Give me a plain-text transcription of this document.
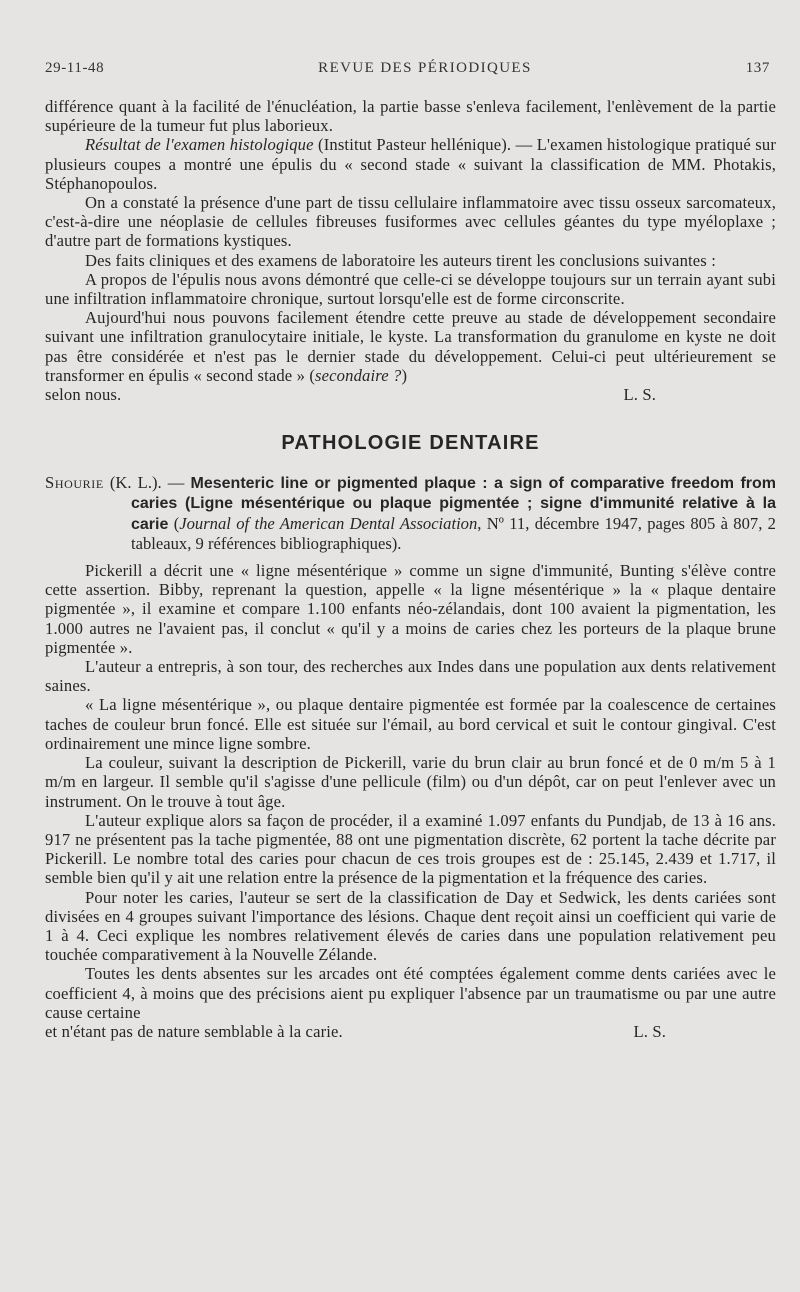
29-11-48	REVUE DES PÉRIODIQUES	137

différence quant à la facilité de l'énucléation, la partie basse s'enleva facilement, l'enlèvement de la partie supérieure de la tumeur fut plus laborieux.

Résultat de l'examen histologique (Institut Pasteur hellénique). — L'examen histologique pratiqué sur plusieurs coupes a montré une épulis du « second stade « suivant la classification de MM. Photakis, Stéphanopoulos.

On a constaté la présence d'une part de tissu cellulaire inflammatoire avec tissu osseux sarcomateux, c'est-à-dire une néoplasie de cellules fibreuses fusiformes avec cellules géantes du type myéloplaxe ; d'autre part de formations kystiques.

Des faits cliniques et des examens de laboratoire les auteurs tirent les conclusions suivantes :

A propos de l'épulis nous avons démontré que celle-ci se développe toujours sur un terrain ayant subi une infiltration inflammatoire chronique, surtout lorsqu'elle est de forme circonscrite.

Aujourd'hui nous pouvons facilement étendre cette preuve au stade de développement secondaire suivant une infiltration granulocytaire initiale, le kyste. La transformation du granulome en kyste ne doit pas être considérée et n'est pas le dernier stade du développement. Celui-ci peut ultérieurement se transformer en épulis « second stade » (secondaire ?)

selon nous.	L. S.

PATHOLOGIE DENTAIRE
Shourie (K. L.). — Mesenteric line or pigmented plaque : a sign of comparative freedom from caries (Ligne mésentérique ou plaque pigmentée ; signe d'immunité relative à la carie (Journal of the American Dental Association, Nº 11, décembre 1947, pages 805 à 807, 2 tableaux, 9 références bibliographiques).

Pickerill a décrit une « ligne mésentérique » comme un signe d'immunité, Bunting s'élève contre cette assertion. Bibby, reprenant la question, appelle « la ligne mésentérique » la « plaque dentaire pigmentée », il examine et compare 1.100 enfants néo-zélandais, dont 100 avaient la pigmentation, les 1.000 autres ne l'avaient pas, il conclut « qu'il y a moins de caries chez les porteurs de la plaque brune pigmentée ».

L'auteur a entrepris, à son tour, des recherches aux Indes dans une population aux dents relativement saines.

« La ligne mésentérique », ou plaque dentaire pigmentée est formée par la coalescence de certaines taches de couleur brun foncé. Elle est située sur l'émail, au bord cervical et suit le contour gingival. C'est ordinairement une mince ligne sombre.

La couleur, suivant la description de Pickerill, varie du brun clair au brun foncé et de 0 m/m 5 à 1 m/m en largeur. Il semble qu'il s'agisse d'une pellicule (film) ou d'un dépôt, car on peut l'enlever avec un instrument. On le trouve à tout âge.

L'auteur explique alors sa façon de procéder, il a examiné 1.097 enfants du Pundjab, de 13 à 16 ans. 917 ne présentent pas la tache pigmentée, 88 ont une pigmentation discrète, 62 portent la tache décrite par Pickerill. Le nombre total des caries pour chacun de ces trois groupes est de : 25.145, 2.439 et 1.717, il semble bien qu'il y ait une relation entre la présence de la pigmentation et la fréquence des caries.

Pour noter les caries, l'auteur se sert de la classification de Day et Sedwick, les dents cariées sont divisées en 4 groupes suivant l'importance des lésions. Chaque dent reçoit ainsi un coefficient qui varie de 1 à 4. Ceci explique les nombres relativement élevés de caries dans une population relativement peu touchée comparativement à la Nouvelle Zélande.

Toutes les dents absentes sur les arcades ont été comptées également comme dents cariées avec le coefficient 4, à moins que des précisions aient pu expliquer l'absence par un traumatisme ou par une autre cause certaine

et n'étant pas de nature semblable à la carie.	L. S.
